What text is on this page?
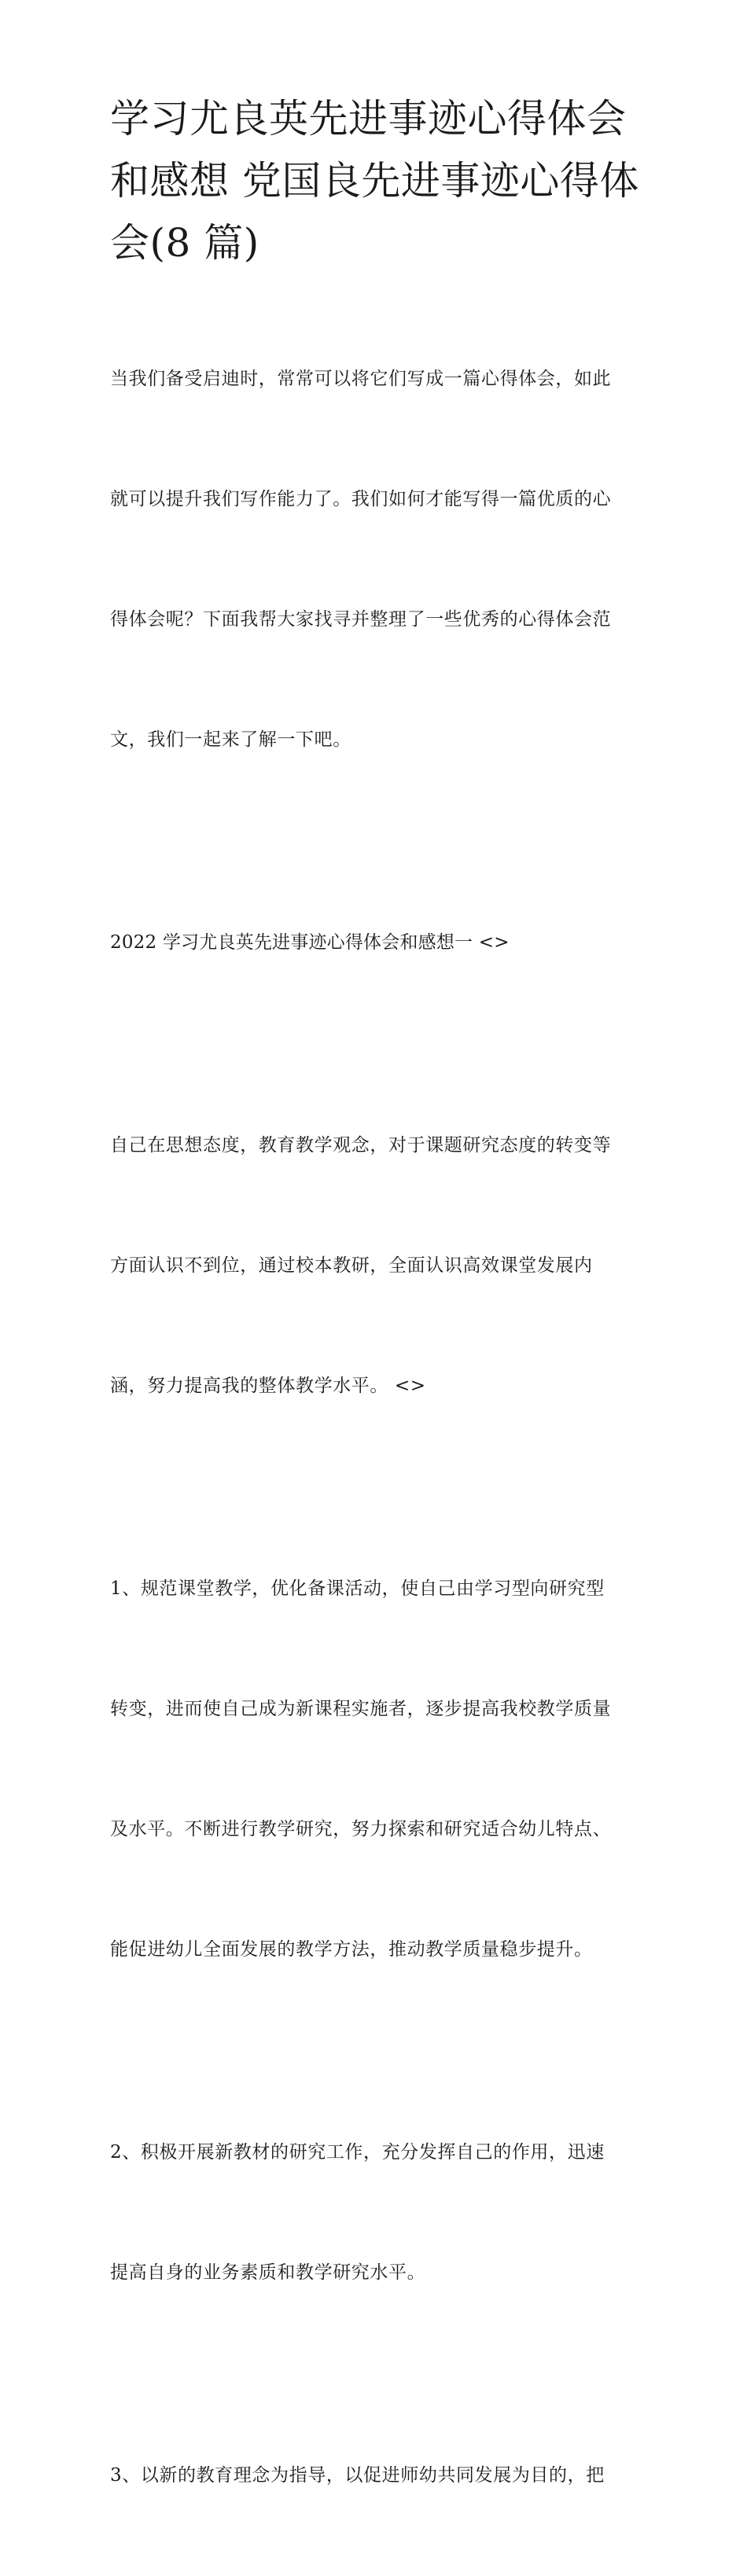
学习尤良英先进事迹心得体会
和感想 党国良先进事迹心得体
会(8 篇)

当我们备受启迪时，常常可以将它们写成一篇心得体会，如此

就可以提升我们写作能力了。我们如何才能写得一篇优质的心

得体会呢？下面我帮大家找寻并整理了一些优秀的心得体会范

文，我们一起来了解一下吧。

2022 学习尤良英先进事迹心得体会和感想一 <>

自己在思想态度，教育教学观念，对于课题研究态度的转变等

方面认识不到位，通过校本教研，全面认识高效课堂发展内

涵，努力提高我的整体教学水平。 <>

1、规范课堂教学，优化备课活动，使自己由学习型向研究型

转变，进而使自己成为新课程实施者，逐步提高我校教学质量

及水平。不断进行教学研究，努力探索和研究适合幼儿特点、

能促进幼儿全面发展的教学方法，推动教学质量稳步提升。

2、积极开展新教材的研究工作，充分发挥自己的作用，迅速

提高自身的业务素质和教学研究水平。

3、以新的教育理念为指导，以促进师幼共同发展为目的，把
